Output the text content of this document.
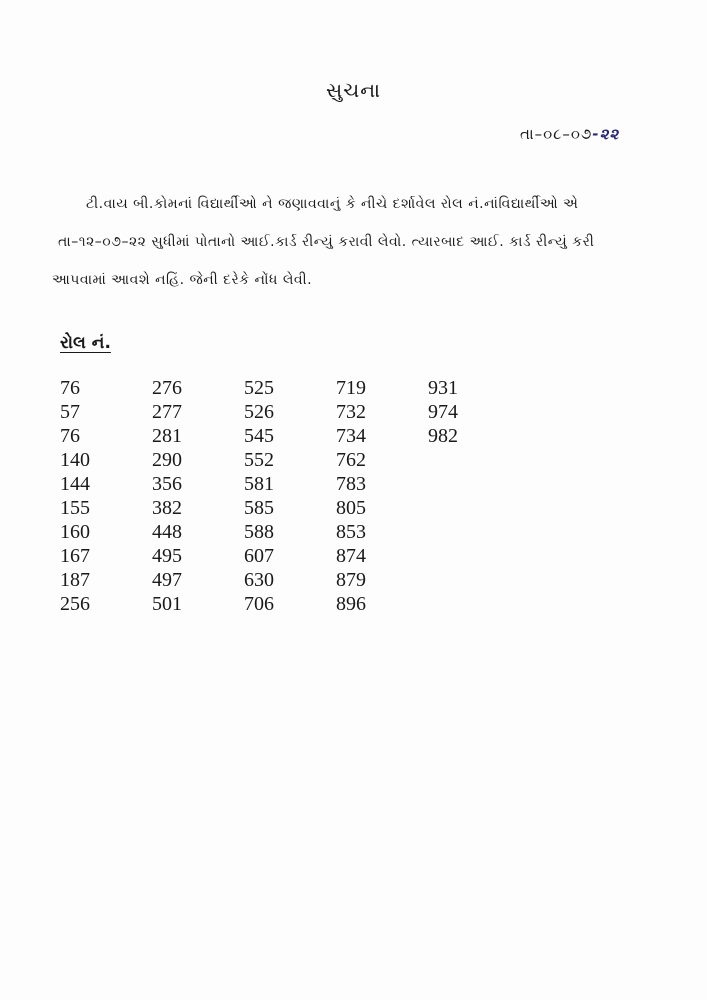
સુચના
તા–૦૮–૦૭-૨૨
ટી.વાય બી.કોમનાં વિદ્યાર્થીઓ ને જણાવવાનું કે નીચે દર્શાવેલ રોલ નં.નાંવિદ્યાર્થીઓ એ
તા–૧૨–૦૭–૨૨ સુધીમાં પોતાનો આઈ.કાર્ડ રીન્યું કરાવી લેવો. ત્યારબાદ આઈ. કાર્ડ રીન્યું કરી
આપવામાં આવશે નહિં. જેની દરેકે નોંધ લેવી.
રોલ નં.
76
57
76
140
144
155
160
167
187
256
276
277
281
290
356
382
448
495
497
501
525
526
545
552
581
585
588
607
630
706
719
732
734
762
783
805
853
874
879
896
931
974
982
